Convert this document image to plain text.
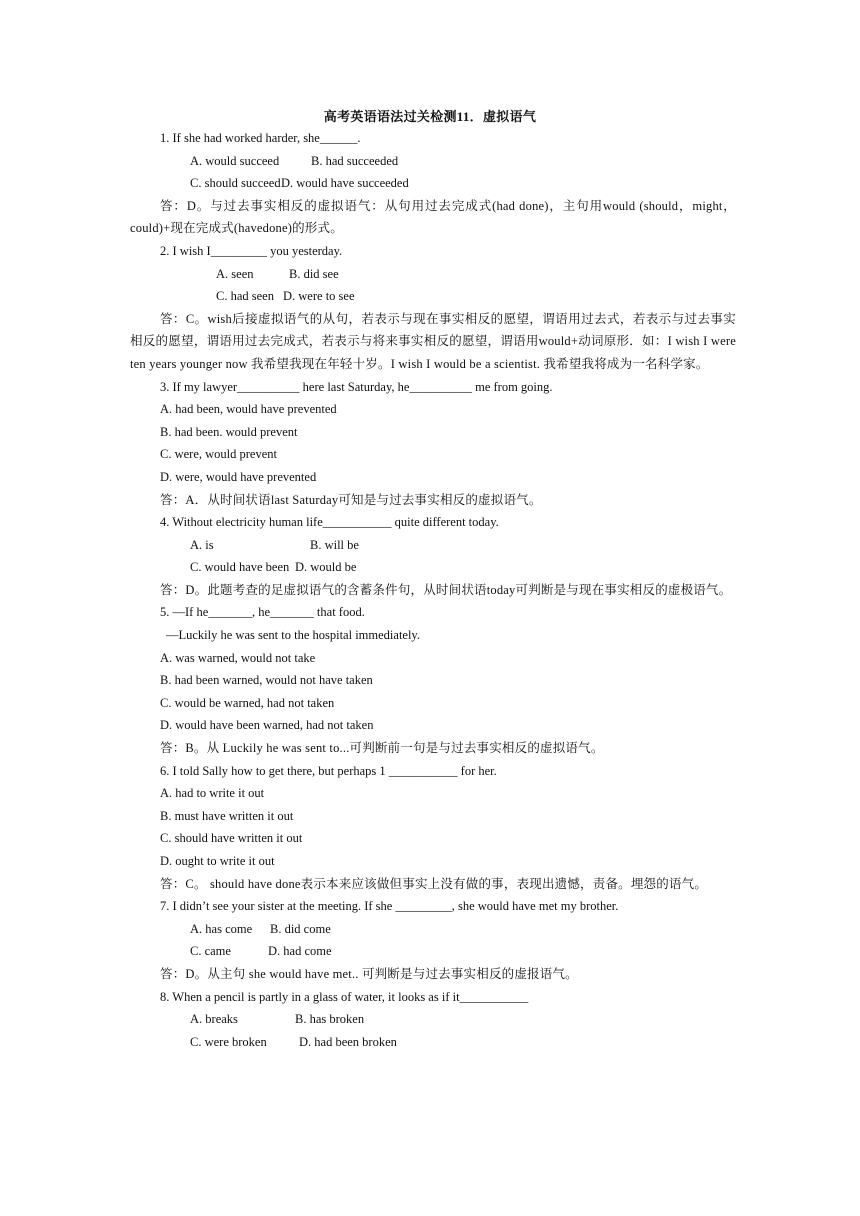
高考英语语法过关检测11．虚拟语气
1. If she had worked harder, she______.
A. would succeed	B. had succeeded
C. should succeedD. would have succeeded
答：D。与过去事实相反的虚拟语气：从句用过去完成式(had done)，主句用would (should，might，could)+现在完成式(havedone)的形式。
2. I wish I_________ you yesterday.
A. seen	B. did see
C. had seen D. were to see
答：C。wish后接虚拟语气的从句，若表示与现在事实相反的愿望，谓语用过去式，若表示与过去事实相反的愿望，谓语用过去完成式，若表示与将来事实相反的愿望，谓语用would+动词原形．如：I wish I were ten years younger now 我希望我现在年轻十岁。I wish I would be a scientist. 我希望我将成为一名科学家。
3. If my lawyer__________ here last Saturday, he__________ me from going.
A. had been, would have prevented
B. had been. would prevent
C. were, would prevent
D. were, would have prevented
答：A．从时间状语last Saturday可知是与过去事实相反的虚拟语气。
4. Without electricity human life___________ quite different today.
A. is	B. will be
C. would have been D. would be
答：D。此题考查的足虚拟语气的含蓄条件句，从时间状语today可判断是与现在事实相反的虚极语气。
5. —If he_______, he_______ that food.
—Luckily he was sent to the hospital immediately.
A. was warned, would not take
B. had been warned, would not have taken
C. would be warned, had not taken
D. would have been warned, had not taken
答：B。从 Luckily he was sent to...可判断前一句是与过去事实相反的虚拟语气。
6. I told Sally how to get there, but perhaps 1 ___________ for her.
A. had to write it out
B. must have written it out
C. should have written it out
D. ought to write it out
答：C。 should have done表示本来应该做但事实上没有做的事，表现出遗憾，责备。埋怨的语气。
7. I didn’t see your sister at the meeting. If she _________, she would have met my brother.
A. has come B. did come
C. came	D. had come
答：D。从主句 she would have met.. 可判断是与过去事实相反的虚报语气。
8. When a pencil is partly in a glass of water, it looks as if it___________
A. breaks	B. has broken
C. were broken	D. had been broken
